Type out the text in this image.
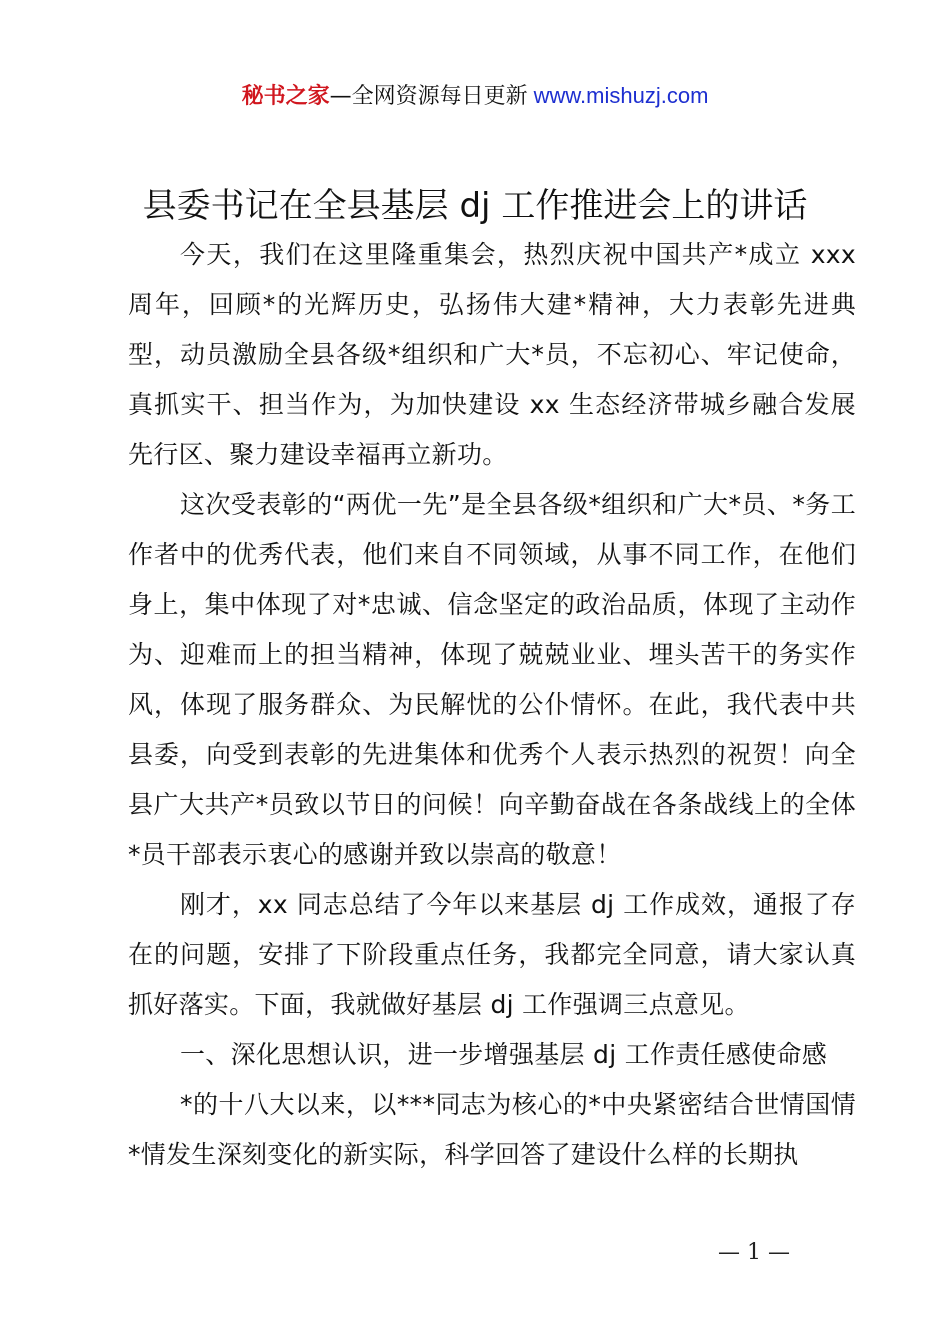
秘书之家—全网资源每日更新 www.mishuzj.com
县委书记在全县基层 dj 工作推进会上的讲话

今天，我们在这里隆重集会，热烈庆祝中国共产*成立 xxx 周年，回顾*的光辉历史，弘扬伟大建*精神，大力表彰先进典型，动员激励全县各级*组织和广大*员，不忘初心、牢记使命，真抓实干、担当作为，为加快建设 xx 生态经济带城乡融合发展先行区、聚力建设幸福再立新功。

这次受表彰的“两优一先”是全县各级*组织和广大*员、*务工作者中的优秀代表，他们来自不同领域，从事不同工作，在他们身上，集中体现了对*忠诚、信念坚定的政治品质，体现了主动作为、迎难而上的担当精神，体现了兢兢业业、埋头苦干的务实作风，体现了服务群众、为民解忧的公仆情怀。在此，我代表中共县委，向受到表彰的先进集体和优秀个人表示热烈的祝贺！向全县广大共产*员致以节日的问候！向辛勤奋战在各条战线上的全体*员干部表示衷心的感谢并致以崇高的敬意！

刚才，xx 同志总结了今年以来基层 dj 工作成效，通报了存在的问题，安排了下阶段重点任务，我都完全同意，请大家认真抓好落实。下面，我就做好基层 dj 工作强调三点意见。

一、深化思想认识，进一步增强基层 dj 工作责任感使命感

*的十八大以来，以***同志为核心的*中央紧密结合世情国情*情发生深刻变化的新实际，科学回答了建设什么样的长期执

— 1 —
